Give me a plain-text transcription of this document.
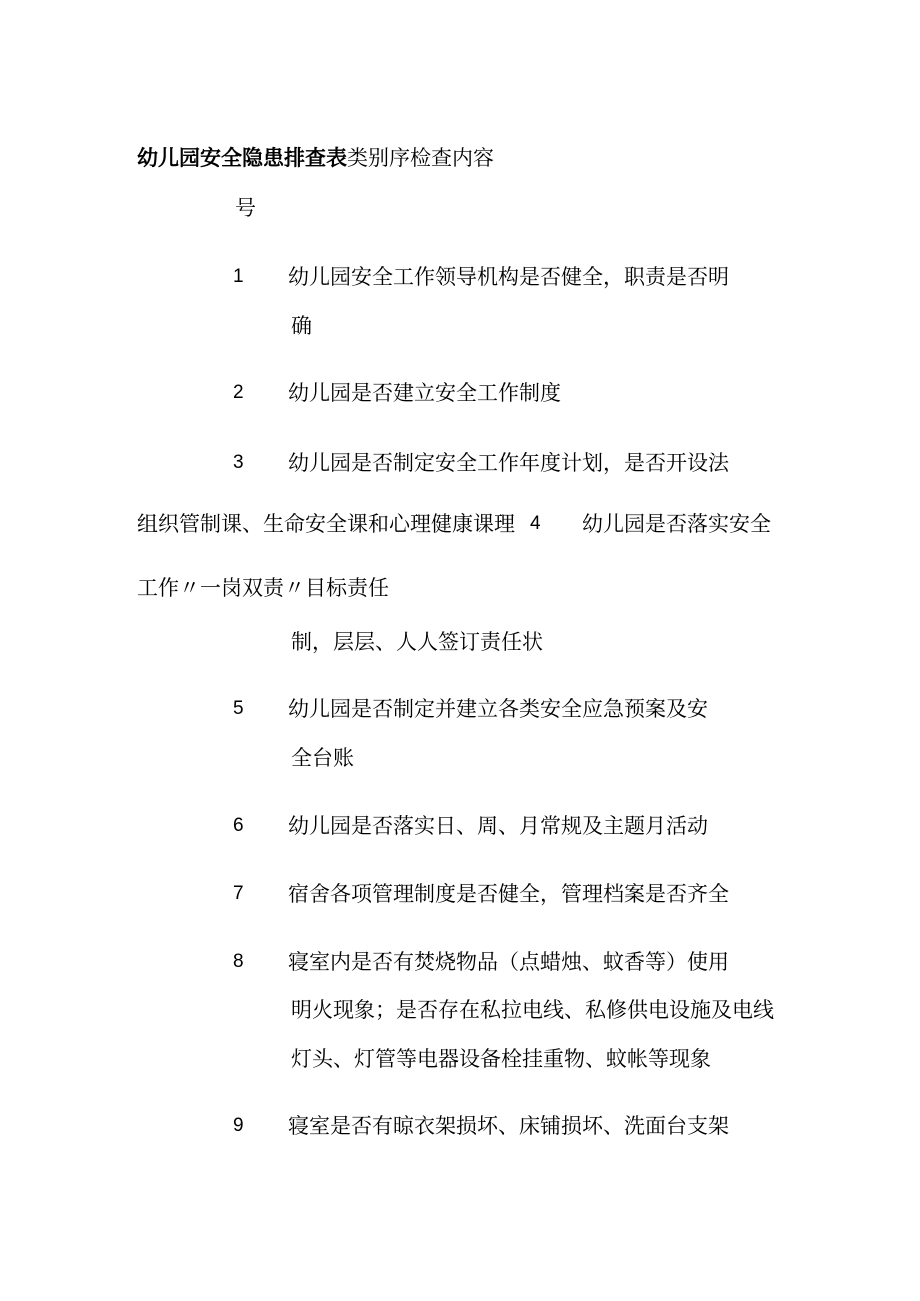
幼儿园安全隐患排查表类别序检查内容
号
1 幼儿园安全工作领导机构是否健全，职责是否明
确
2 幼儿园是否建立安全工作制度
3 幼儿园是否制定安全工作年度计划，是否开设法
组织管制课、生命安全课和心理健康课理 4 幼儿园是否落实安全
工作〃一岗双责〃目标责任
制，层层、人人签订责任状
5 幼儿园是否制定并建立各类安全应急预案及安
全台账
6 幼儿园是否落实日、周、月常规及主题月活动
7 宿舍各项管理制度是否健全，管理档案是否齐全
8 寝室内是否有焚烧物品（点蜡烛、蚊香等）使用
明火现象；是否存在私拉电线、私修供电设施及电线
灯头、灯管等电器设备栓挂重物、蚊帐等现象
9 寝室是否有晾衣架损坏、床铺损坏、洗面台支架
